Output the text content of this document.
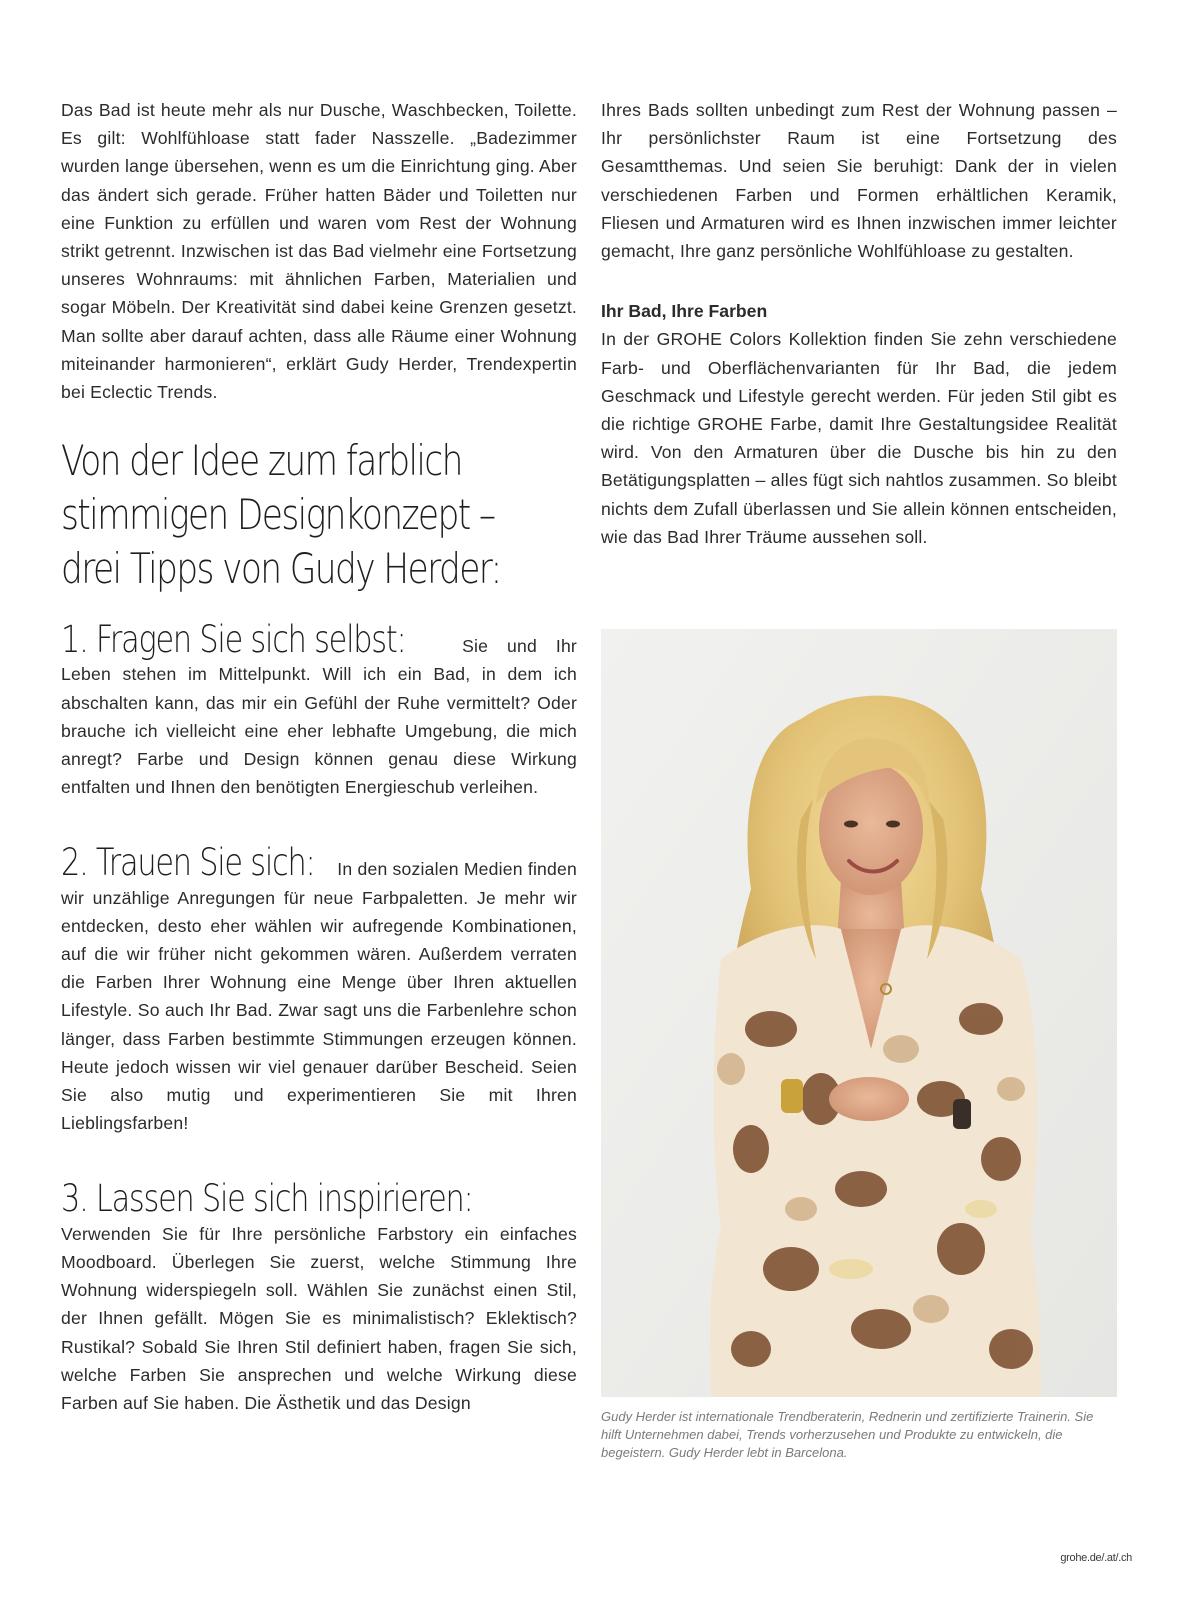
Das Bad ist heute mehr als nur Dusche, Waschbecken, Toilette. Es gilt: Wohlfühloase statt fader Nasszelle. „Badezimmer wurden lange übersehen, wenn es um die Einrichtung ging. Aber das ändert sich gerade. Früher hatten Bäder und Toiletten nur eine Funktion zu erfüllen und waren vom Rest der Wohnung strikt getrennt. Inzwischen ist das Bad vielmehr eine Fortsetzung unseres Wohnraums: mit ähnlichen Farben, Materialien und sogar Möbeln. Der Kreativität sind dabei keine Grenzen gesetzt. Man sollte aber darauf achten, dass alle Räume einer Wohnung miteinander harmonieren“, erklärt Gudy Herder, Trendexpertin bei Eclectic Trends.

Von der Idee zum farblich stimmigen Designkonzept – drei Tipps von Gudy Herder:

1. Fragen Sie sich selbst: Sie und Ihr Leben stehen im Mittelpunkt. Will ich ein Bad, in dem ich abschalten kann, das mir ein Gefühl der Ruhe vermittelt? Oder brauche ich vielleicht eine eher lebhafte Umgebung, die mich anregt? Farbe und Design können genau diese Wirkung entfalten und Ihnen den benötigten Energieschub verleihen.

2. Trauen Sie sich: In den sozialen Medien finden wir unzählige Anregungen für neue Farbpaletten. Je mehr wir entdecken, desto eher wählen wir aufregende Kombinationen, auf die wir früher nicht gekommen wären. Außerdem verraten die Farben Ihrer Wohnung eine Menge über Ihren aktuellen Lifestyle. So auch Ihr Bad. Zwar sagt uns die Farbenlehre schon länger, dass Farben bestimmte Stimmungen erzeugen können. Heute jedoch wissen wir viel genauer darüber Bescheid. Seien Sie also mutig und experimentieren Sie mit Ihren Lieblingsfarben!

3. Lassen Sie sich inspirieren: Verwenden Sie für Ihre persönliche Farbstory ein einfaches Moodboard. Überlegen Sie zuerst, welche Stimmung Ihre Wohnung widerspiegeln soll. Wählen Sie zunächst einen Stil, der Ihnen gefällt. Mögen Sie es minimalistisch? Eklektisch? Rustikal? Sobald Sie Ihren Stil definiert haben, fragen Sie sich, welche Farben Sie ansprechen und welche Wirkung diese Farben auf Sie haben. Die Ästhetik und das Design

Ihres Bads sollten unbedingt zum Rest der Wohnung passen – Ihr persönlichster Raum ist eine Fortsetzung des Gesamtthemas. Und seien Sie beruhigt: Dank der in vielen verschiedenen Farben und Formen erhältlichen Keramik, Fliesen und Armaturen wird es Ihnen inzwischen immer leichter gemacht, Ihre ganz persönliche Wohlfühloase zu gestalten.

Ihr Bad, Ihre Farben

In der GROHE Colors Kollektion finden Sie zehn verschiedene Farb- und Oberflächenvarianten für Ihr Bad, die jedem Geschmack und Lifestyle gerecht werden. Für jeden Stil gibt es die richtige GROHE Farbe, damit Ihre Gestaltungsidee Realität wird. Von den Armaturen über die Dusche bis hin zu den Betätigungsplatten – alles fügt sich nahtlos zusammen. So bleibt nichts dem Zufall überlassen und Sie allein können entscheiden, wie das Bad Ihrer Träume aussehen soll.

Gudy Herder ist internationale Trendberaterin, Rednerin und zertifizierte Trainerin. Sie hilft Unternehmen dabei, Trends vorherzusehen und Produkte zu entwickeln, die begeistern. Gudy Herder lebt in Barcelona.

grohe.de/.at/.ch
